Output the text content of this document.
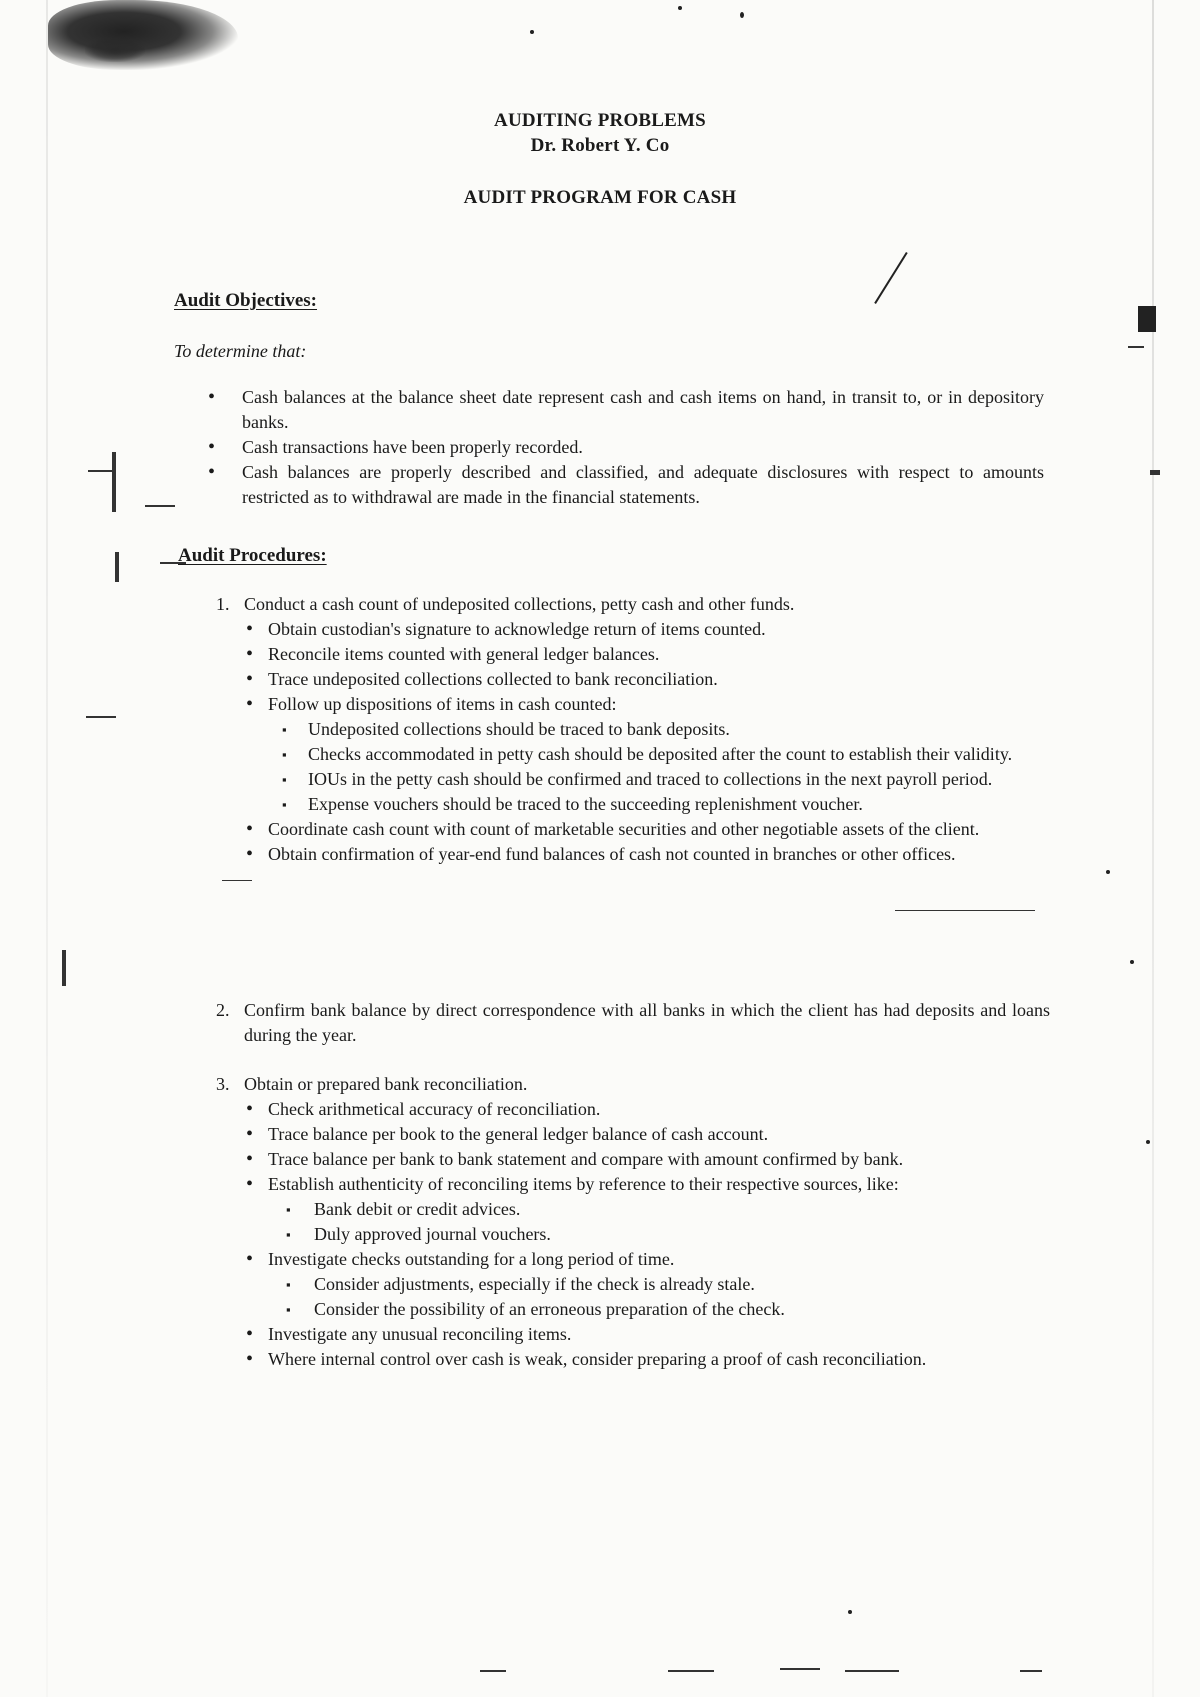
AUDITING PROBLEMS
Dr. Robert Y. Co
AUDIT PROGRAM FOR CASH
Audit Objectives:
To determine that:

• Cash balances at the balance sheet date represent cash and cash items on hand, in transit to, or in depository banks.

• Cash transactions have been properly recorded.

• Cash balances are properly described and classified, and adequate disclosures with respect to amounts restricted as to withdrawal are made in the financial statements.

Audit Procedures:
1. Conduct a cash count of undeposited collections, petty cash and other funds.
• Obtain custodian's signature to acknowledge return of items counted.
• Reconcile items counted with general ledger balances.
• Trace undeposited collections collected to bank reconciliation.
• Follow up dispositions of items in cash counted:
▪ Undeposited collections should be traced to bank deposits.
▪ Checks accommodated in petty cash should be deposited after the count to establish their validity.
▪ IOUs in the petty cash should be confirmed and traced to collections in the next payroll period.
▪ Expense vouchers should be traced to the succeeding replenishment voucher.
• Coordinate cash count with count of marketable securities and other negotiable assets of the client.
• Obtain confirmation of year-end fund balances of cash not counted in branches or other offices.
2. Confirm bank balance by direct correspondence with all banks in which the client has had deposits and loans during the year.
3. Obtain or prepared bank reconciliation.
• Check arithmetical accuracy of reconciliation.
• Trace balance per book to the general ledger balance of cash account.
• Trace balance per bank to bank statement and compare with amount confirmed by bank.
• Establish authenticity of reconciling items by reference to their respective sources, like:
▪ Bank debit or credit advices.
▪ Duly approved journal vouchers.
• Investigate checks outstanding for a long period of time.
▪ Consider adjustments, especially if the check is already stale.
▪ Consider the possibility of an erroneous preparation of the check.
• Investigate any unusual reconciling items.
• Where internal control over cash is weak, consider preparing a proof of cash reconciliation.
